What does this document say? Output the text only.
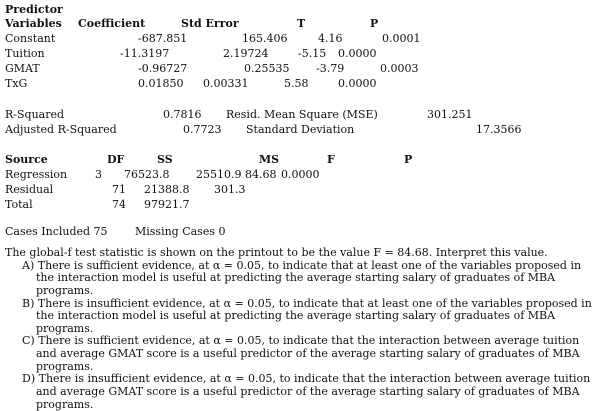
Predictor
Variables Coefficient	Std Error	T	P
Constant	-687.851	165.406	4.16	0.0001
Tuition	-11.3197	2.19724	-5.15 0.0000
GMAT	-0.96727	0.25535 -3.79	0.0003
TxG	0.01850 0.00331	5.58	0.0000
R-Squared	0.7816 Resid. Mean Square (MSE)	301.251
Adjusted R-Squared	0.7723 Standard Deviation	17.3566
Source	DF	SS	MS	F	P
Regression	3 76523.8 25510.9 84.68 0.0000
Residual	71 21388.8 301.3
Total	74 97921.7
Cases Included 75 Missing Cases 0

The global-f test statistic is shown on the printout to be the value F = 84.68. Interpret this value.

A) There is sufficient evidence, at α = 0.05, to indicate that at least one of the variables proposed in the interaction model is useful at predicting the average starting salary of graduates of MBA programs.

B) There is insufficient evidence, at α = 0.05, to indicate that at least one of the variables proposed in the interaction model is useful at predicting the average starting salary of graduates of MBA programs.

C) There is sufficient evidence, at α = 0.05, to indicate that the interaction between average tuition and average GMAT score is a useful predictor of the average starting salary of graduates of MBA programs.

D) There is insufficient evidence, at α = 0.05, to indicate that the interaction between average tuition and average GMAT score is a useful predictor of the average starting salary of graduates of MBA programs.
